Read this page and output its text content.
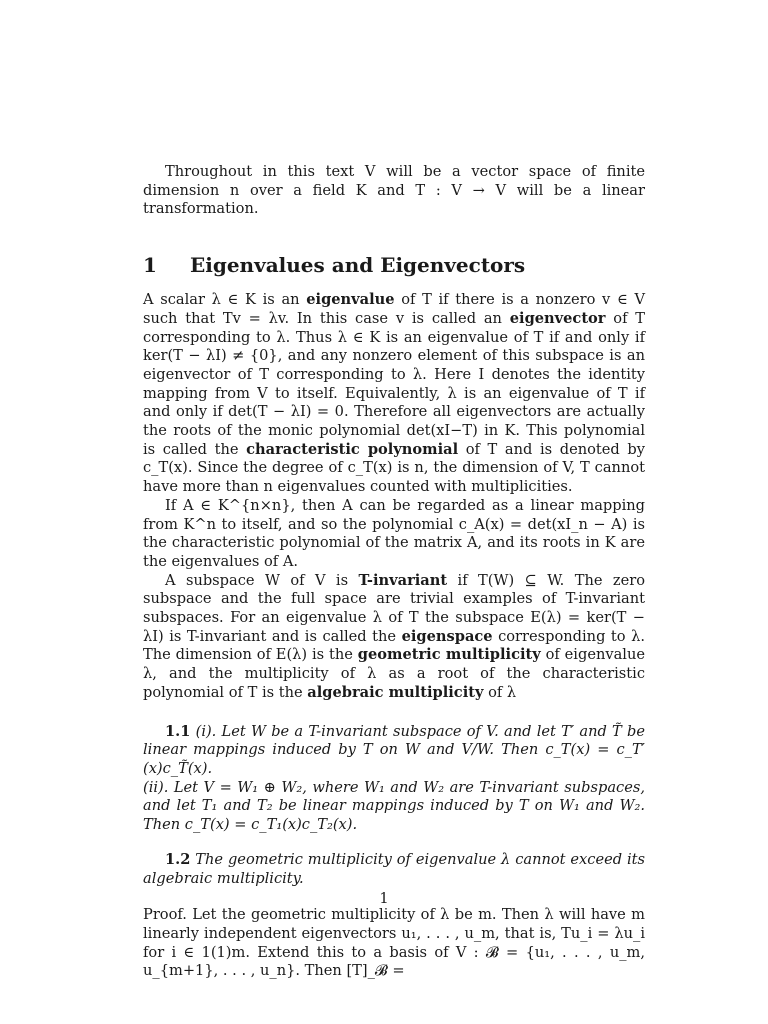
Throughout in this text V will be a vector space of finite dimension n over a field K and T : V → V will be a linear transformation.

1	Eigenvalues and Eigenvectors

A scalar λ ∈ K is an eigenvalue of T if there is a nonzero v ∈ V such that Tv = λv. In this case v is called an eigenvector of T corresponding to λ. Thus λ ∈ K is an eigenvalue of T if and only if ker(T − λI) ≠ {0}, and any nonzero element of this subspace is an eigenvector of T corresponding to λ. Here I denotes the identity mapping from V to itself. Equivalently, λ is an eigenvalue of T if and only if det(T − λI) = 0. Therefore all eigenvectors are actually the roots of the monic polynomial det(xI−T) in K. This polynomial is called the characteristic polynomial of T and is denoted by c_T(x). Since the degree of c_T(x) is n, the dimension of V, T cannot have more than n eigenvalues counted with multiplicities.

If A ∈ K^{n×n}, then A can be regarded as a linear mapping from K^n to itself, and so the polynomial c_A(x) = det(xI_n − A) is the characteristic polynomial of the matrix A, and its roots in K are the eigenvalues of A.

A subspace W of V is T-invariant if T(W) ⊆ W. The zero subspace and the full space are trivial examples of T-invariant subspaces. For an eigenvalue λ of T the subspace E(λ) = ker(T − λI) is T-invariant and is called the eigenspace corresponding to λ. The dimension of E(λ) is the geometric multiplicity of eigenvalue λ, and the multiplicity of λ as a root of the characteristic polynomial of T is the algebraic multiplicity of λ

1.1 (i). Let W be a T-invariant subspace of V. and let T′ and T̃ be linear mappings induced by T on W and V/W. Then c_T(x) = c_T′(x)c_T̃(x).

(ii). Let V = W₁ ⊕ W₂, where W₁ and W₂ are T-invariant subspaces, and let T₁ and T₂ be linear mappings induced by T on W₁ and W₂. Then c_T(x) = c_T₁(x)c_T₂(x).

1.2 The geometric multiplicity of eigenvalue λ cannot exceed its algebraic multiplicity.

Proof. Let the geometric multiplicity of λ be m. Then λ will have m linearly independent eigenvectors u₁, . . . , u_m, that is, Tu_i = λu_i for i ∈ 1(1)m. Extend this to a basis of V : 𝓑 = {u₁, . . . , u_m, u_{m+1}, . . . , u_n}. Then [T]_𝓑 =

1
